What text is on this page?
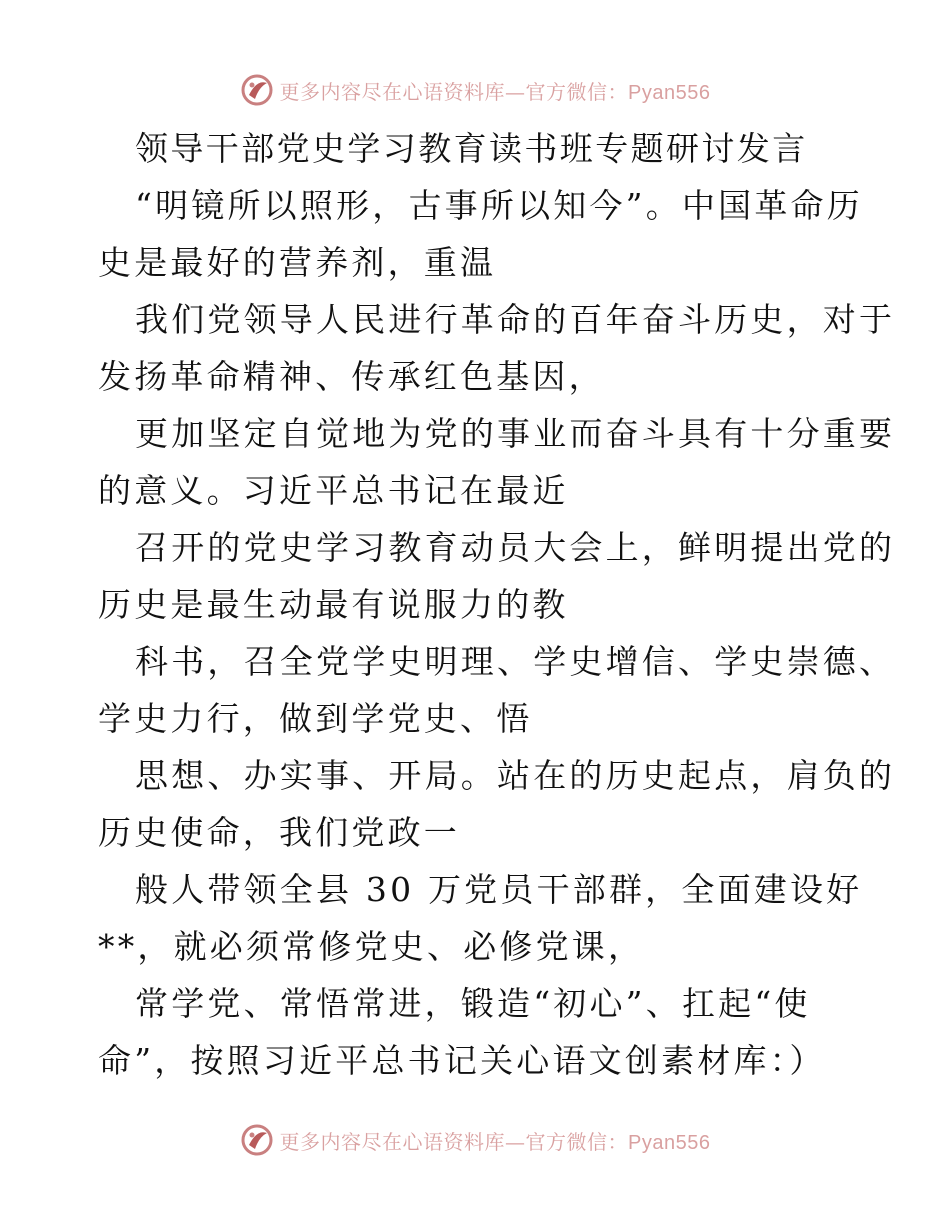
更多内容尽在心语资料库—官方微信：Pyan556
领导干部党史学习教育读书班专题研讨发言
“明镜所以照形，古事所以知今”。中国革命历
史是最好的营养剂，重温
我们党领导人民进行革命的百年奋斗历史，对于
发扬革命精神、传承红色基因，
更加坚定自觉地为党的事业而奋斗具有十分重要
的意义。习近平总书记在最近
召开的党史学习教育动员大会上，鲜明提出党的
历史是最生动最有说服力的教
科书，召全党学史明理、学史增信、学史崇德、
学史力行，做到学党史、悟
思想、办实事、开局。站在的历史起点，肩负的
历史使命，我们党政一
般人带领全县 30 万党员干部群，全面建设好
**，就必须常修党史、必修党课，
常学党、常悟常进，锻造“初心”、扛起“使
命”，按照习近平总书记关心语文创素材库：）
更多内容尽在心语资料库—官方微信：Pyan556
